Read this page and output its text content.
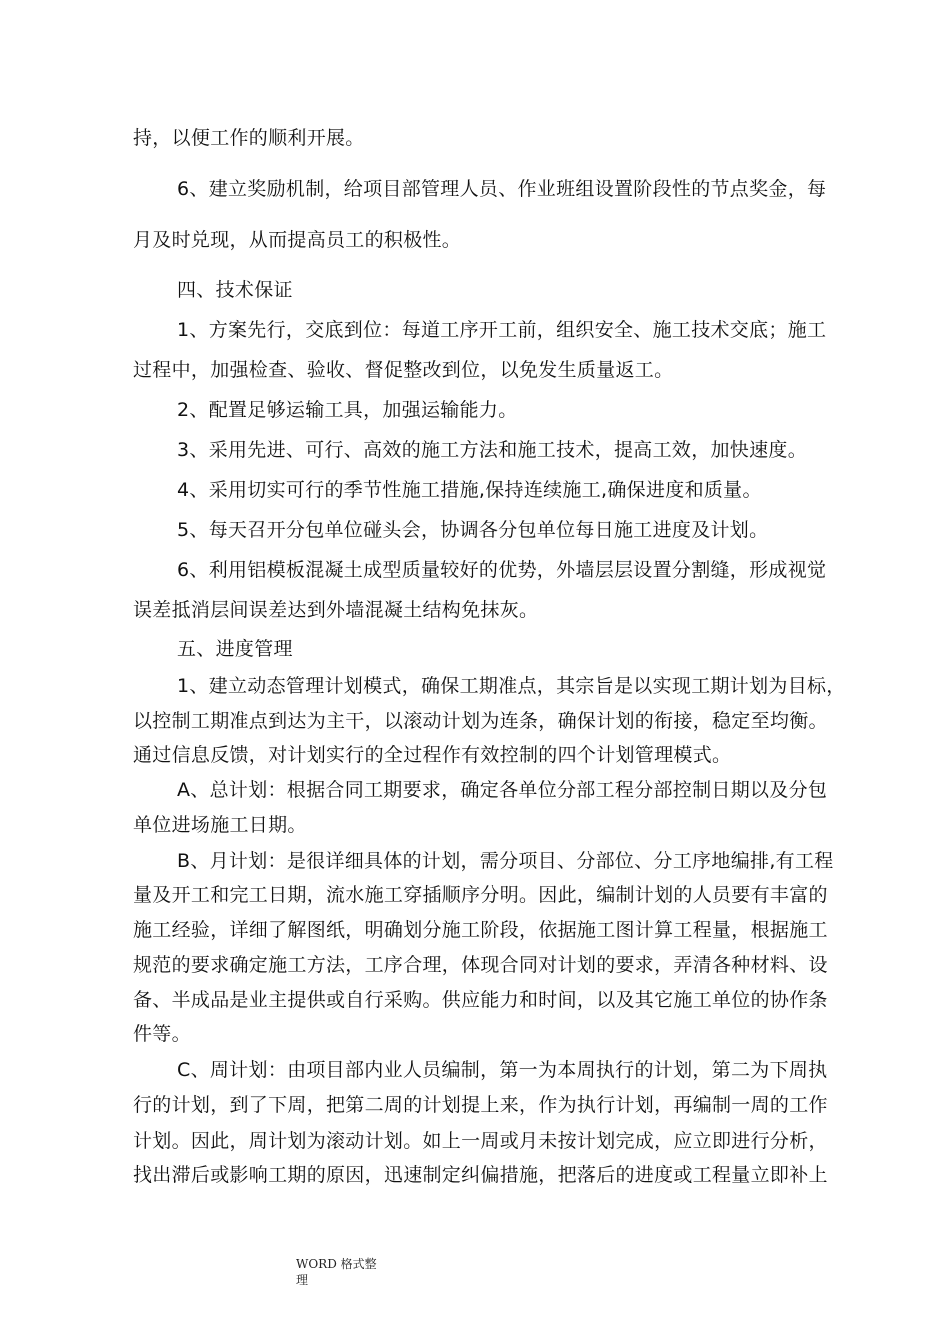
持，以便工作的顺利开展。

6、建立奖励机制，给项目部管理人员、作业班组设置阶段性的节点奖金，每

月及时兑现，从而提高员工的积极性。

四、技术保证

1、方案先行，交底到位：每道工序开工前，组织安全、施工技术交底；施工

过程中，加强检查、验收、督促整改到位，以免发生质量返工。

2、配置足够运输工具，加强运输能力。

3、采用先进、可行、高效的施工方法和施工技术，提高工效，加快速度。

4、采用切实可行的季节性施工措施,保持连续施工,确保进度和质量。

5、每天召开分包单位碰头会，协调各分包单位每日施工进度及计划。

6、利用铝模板混凝土成型质量较好的优势，外墙层层设置分割缝，形成视觉

误差抵消层间误差达到外墙混凝土结构免抹灰。

五、进度管理

1、建立动态管理计划模式，确保工期准点，其宗旨是以实现工期计划为目标，

以控制工期准点到达为主干，以滚动计划为连条，确保计划的衔接，稳定至均衡。

通过信息反馈，对计划实行的全过程作有效控制的四个计划管理模式。

A、总计划：根据合同工期要求，确定各单位分部工程分部控制日期以及分包

单位进场施工日期。

B、月计划：是很详细具体的计划，需分项目、分部位、分工序地编排,有工程

量及开工和完工日期，流水施工穿插顺序分明。因此，编制计划的人员要有丰富的

施工经验，详细了解图纸，明确划分施工阶段，依据施工图计算工程量，根据施工

规范的要求确定施工方法，工序合理，体现合同对计划的要求，弄清各种材料、设

备、半成品是业主提供或自行采购。供应能力和时间，以及其它施工单位的协作条

件等。

C、周计划：由项目部内业人员编制，第一为本周执行的计划，第二为下周执

行的计划，到了下周，把第二周的计划提上来，作为执行计划，再编制一周的工作

计划。因此，周计划为滚动计划。如上一周或月未按计划完成，应立即进行分析，

找出滞后或影响工期的原因，迅速制定纠偏措施，把落后的进度或工程量立即补上

WORD 格式整
理
